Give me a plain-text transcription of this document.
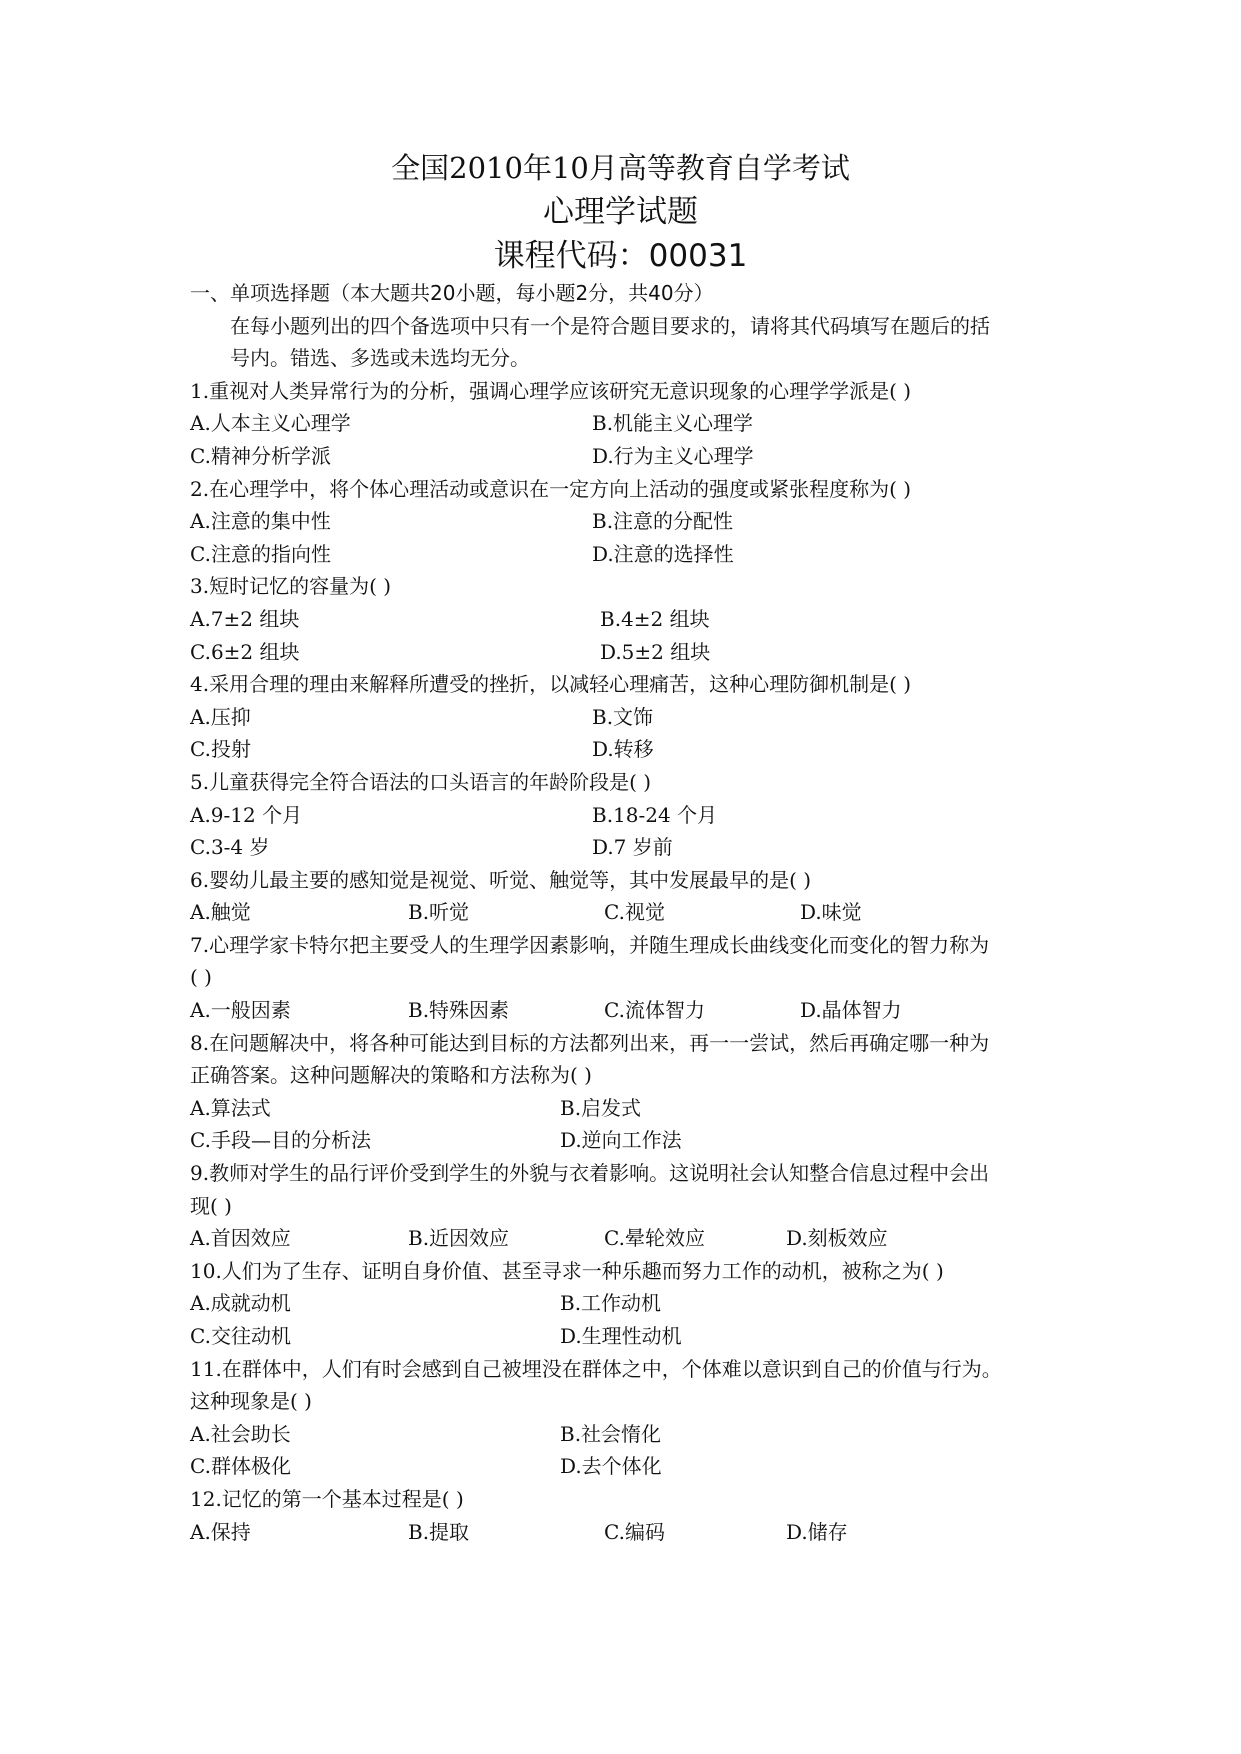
全国2010年10月高等教育自学考试
心理学试题
课程代码：00031
一、单项选择题（本大题共20小题，每小题2分，共40分）
在每小题列出的四个备选项中只有一个是符合题目要求的，请将其代码填写在题后的括
号内。错选、多选或未选均无分。
1.重视对人类异常行为的分析，强调心理学应该研究无意识现象的心理学学派是( )
A.人本主义心理学	B.机能主义心理学
C.精神分析学派	D.行为主义心理学
2.在心理学中，将个体心理活动或意识在一定方向上活动的强度或紧张程度称为( )
A.注意的集中性	B.注意的分配性
C.注意的指向性	D.注意的选择性
3.短时记忆的容量为( )
A.7±2 组块	B.4±2 组块
C.6±2 组块	D.5±2 组块
4.采用合理的理由来解释所遭受的挫折，以减轻心理痛苦，这种心理防御机制是( )
A.压抑	B.文饰
C.投射	D.转移
5.儿童获得完全符合语法的口头语言的年龄阶段是( )
A.9-12 个月	B.18-24 个月
C.3-4 岁	D.7 岁前
6.婴幼儿最主要的感知觉是视觉、听觉、触觉等，其中发展最早的是( )
A.触觉	B.听觉	C.视觉	D.味觉
7.心理学家卡特尔把主要受人的生理学因素影响，并随生理成长曲线变化而变化的智力称为
( )
A.一般因素	B.特殊因素	C.流体智力	D.晶体智力
8.在问题解决中，将各种可能达到目标的方法都列出来，再一一尝试，然后再确定哪一种为
正确答案。这种问题解决的策略和方法称为( )
A.算法式	B.启发式
C.手段—目的分析法	D.逆向工作法
9.教师对学生的品行评价受到学生的外貌与衣着影响。这说明社会认知整合信息过程中会出
现( )
A.首因效应	B.近因效应	C.晕轮效应	D.刻板效应
10.人们为了生存、证明自身价值、甚至寻求一种乐趣而努力工作的动机，被称之为( )
A.成就动机	B.工作动机
C.交往动机	D.生理性动机
11.在群体中，人们有时会感到自己被埋没在群体之中，个体难以意识到自己的价值与行为。
这种现象是( )
A.社会助长	B.社会惰化
C.群体极化	D.去个体化
12.记忆的第一个基本过程是( )
A.保持	B.提取	C.编码	D.储存
